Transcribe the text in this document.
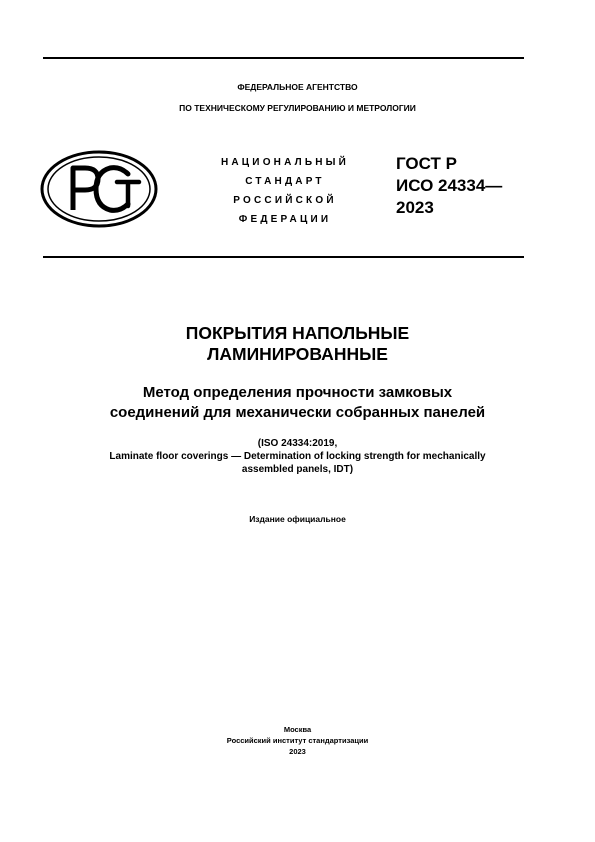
ФЕДЕРАЛЬНОЕ АГЕНТСТВО
ПО ТЕХНИЧЕСКОМУ РЕГУЛИРОВАНИЮ И МЕТРОЛОГИИ
НАЦИОНАЛЬНЫЙ
СТАНДАРТ
РОССИЙСКОЙ
ФЕДЕРАЦИИ
ГОСТ Р
ИСО 24334—
2023
ПОКРЫТИЯ НАПОЛЬНЫЕ
ЛАМИНИРОВАННЫЕ
Метод определения прочности замковых
соединений для механически собранных панелей
(ISO 24334:2019,
Laminate floor coverings — Determination of locking strength for mechanically
assembled panels, IDT)
Издание официальное
Москва
Российский институт стандартизации
2023
